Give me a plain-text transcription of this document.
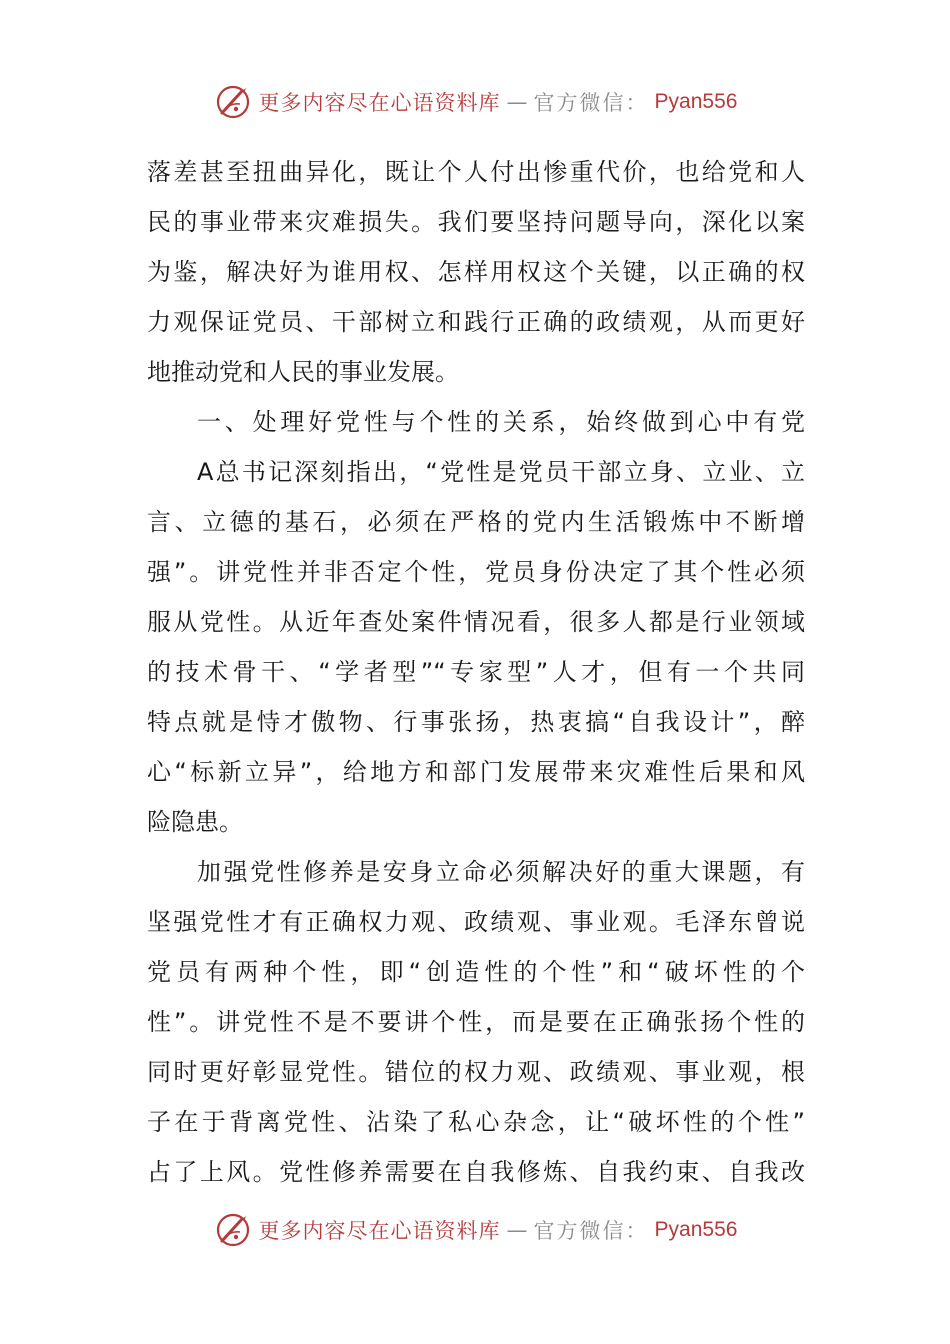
更多内容尽在心语资料库 — 官方微信： Pyan556
落差甚至扭曲异化，既让个人付出惨重代价，也给党和人
民的事业带来灾难损失。我们要坚持问题导向，深化以案
为鉴，解决好为谁用权、怎样用权这个关键，以正确的权
力观保证党员、干部树立和践行正确的政绩观，从而更好
地推动党和人民的事业发展。
一、处理好党性与个性的关系，始终做到心中有党
A总书记深刻指出，“党性是党员干部立身、立业、立
言、立德的基石，必须在严格的党内生活锻炼中不断增
强”。讲党性并非否定个性，党员身份决定了其个性必须
服从党性。从近年查处案件情况看，很多人都是行业领域
的技术骨干、“学者型”“专家型”人才，但有一个共同
特点就是恃才傲物、行事张扬，热衷搞“自我设计”，醉
心“标新立异”，给地方和部门发展带来灾难性后果和风
险隐患。
加强党性修养是安身立命必须解决好的重大课题，有
坚强党性才有正确权力观、政绩观、事业观。毛泽东曾说
党员有两种个性，即“创造性的个性”和“破坏性的个
性”。讲党性不是不要讲个性，而是要在正确张扬个性的
同时更好彰显党性。错位的权力观、政绩观、事业观，根
子在于背离党性、沾染了私心杂念，让“破坏性的个性”
占了上风。党性修养需要在自我修炼、自我约束、自我改
更多内容尽在心语资料库 — 官方微信： Pyan556
